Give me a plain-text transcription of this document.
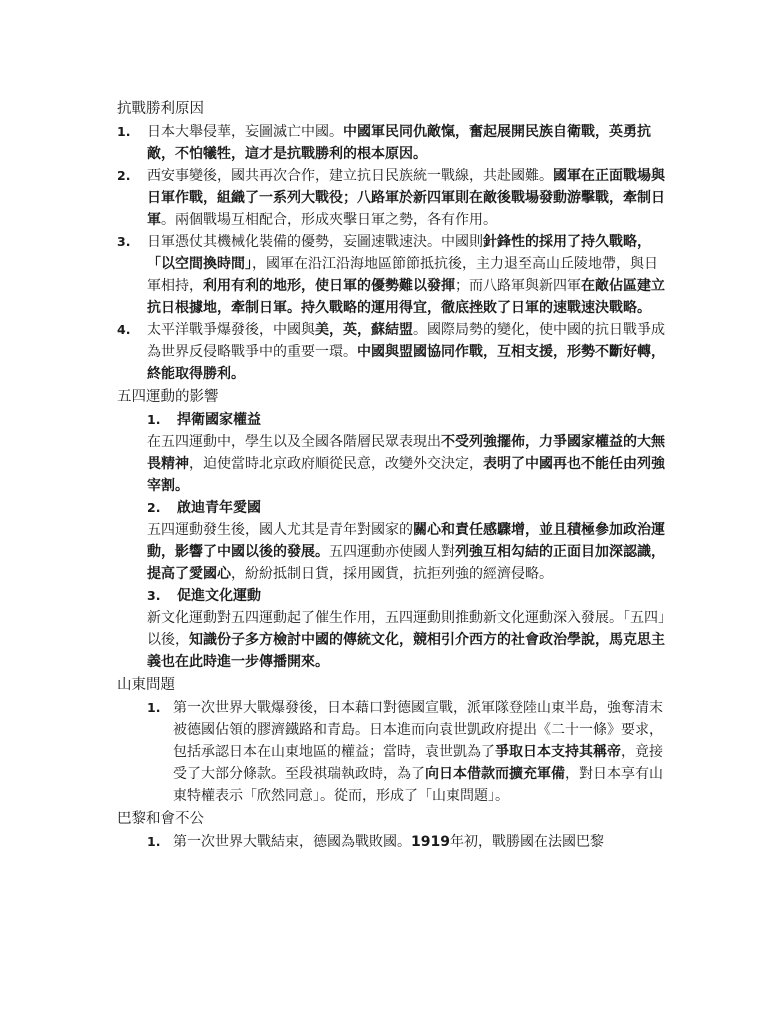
抗戰勝利原因
1. 日本大舉侵華，妄圖滅亡中國。中國軍民同仇敵愾，奮起展開民族自衛戰，英勇抗敵，不怕犧牲，這才是抗戰勝利的根本原因。
2. 西安事變後，國共再次合作，建立抗日民族統一戰線，共赴國難。國軍在正面戰場與日軍作戰，組織了一系列大戰役；八路軍於新四軍則在敵後戰場發動游擊戰，牽制日軍。兩個戰場互相配合，形成夾擊日軍之勢，各有作用。
3. 日軍憑仗其機械化裝備的優勢，妄圖速戰速決。中國則針鋒性的採用了持久戰略，「以空間換時間」，國軍在沿江沿海地區節節抵抗後，主力退至高山丘陵地帶，與日軍相持，利用有利的地形，使日軍的優勢難以發揮；而八路軍與新四軍在敵佔區建立抗日根據地，牽制日軍。持久戰略的運用得宜，徹底挫敗了日軍的速戰速決戰略。
4. 太平洋戰爭爆發後，中國與美，英，蘇結盟。國際局勢的變化，使中國的抗日戰爭成為世界反侵略戰爭中的重要一環。中國與盟國協同作戰，互相支援，形勢不斷好轉，終能取得勝利。
五四運動的影響
1. 捍衛國家權益

在五四運動中，學生以及全國各階層民眾表現出不受列強擺佈，力爭國家權益的大無畏精神，迫使當時北京政府順從民意，改變外交決定，表明了中國再也不能任由列強宰割。

2. 啟迪青年愛國

五四運動發生後，國人尤其是青年對國家的關心和責任感驟增，並且積極參加政治運動，影響了中國以後的發展。五四運動亦使國人對列強互相勾結的正面目加深認識，提高了愛國心，紛紛抵制日貨，採用國貨，抗拒列強的經濟侵略。

3. 促進文化運動

新文化運動對五四運動起了催生作用，五四運動則推動新文化運動深入發展。「五四」以後，知識份子多方檢討中國的傳統文化，競相引介西方的社會政治學說，馬克思主義也在此時進一步傳播開來。

山東問題
1. 第一次世界大戰爆發後，日本藉口對德國宣戰，派軍隊登陸山東半島，強奪清末被德國佔領的膠濟鐵路和青島。日本進而向袁世凱政府提出《二十一條》要求，包括承認日本在山東地區的權益；當時，袁世凱為了爭取日本支持其稱帝，竟接受了大部分條款。至段祺瑞執政時，為了向日本借款而擴充軍備，對日本享有山東特權表示「欣然同意」。從而，形成了「山東問題」。
巴黎和會不公
1. 第一次世界大戰結束，德國為戰敗國。1919年初，戰勝國在法國巴黎
